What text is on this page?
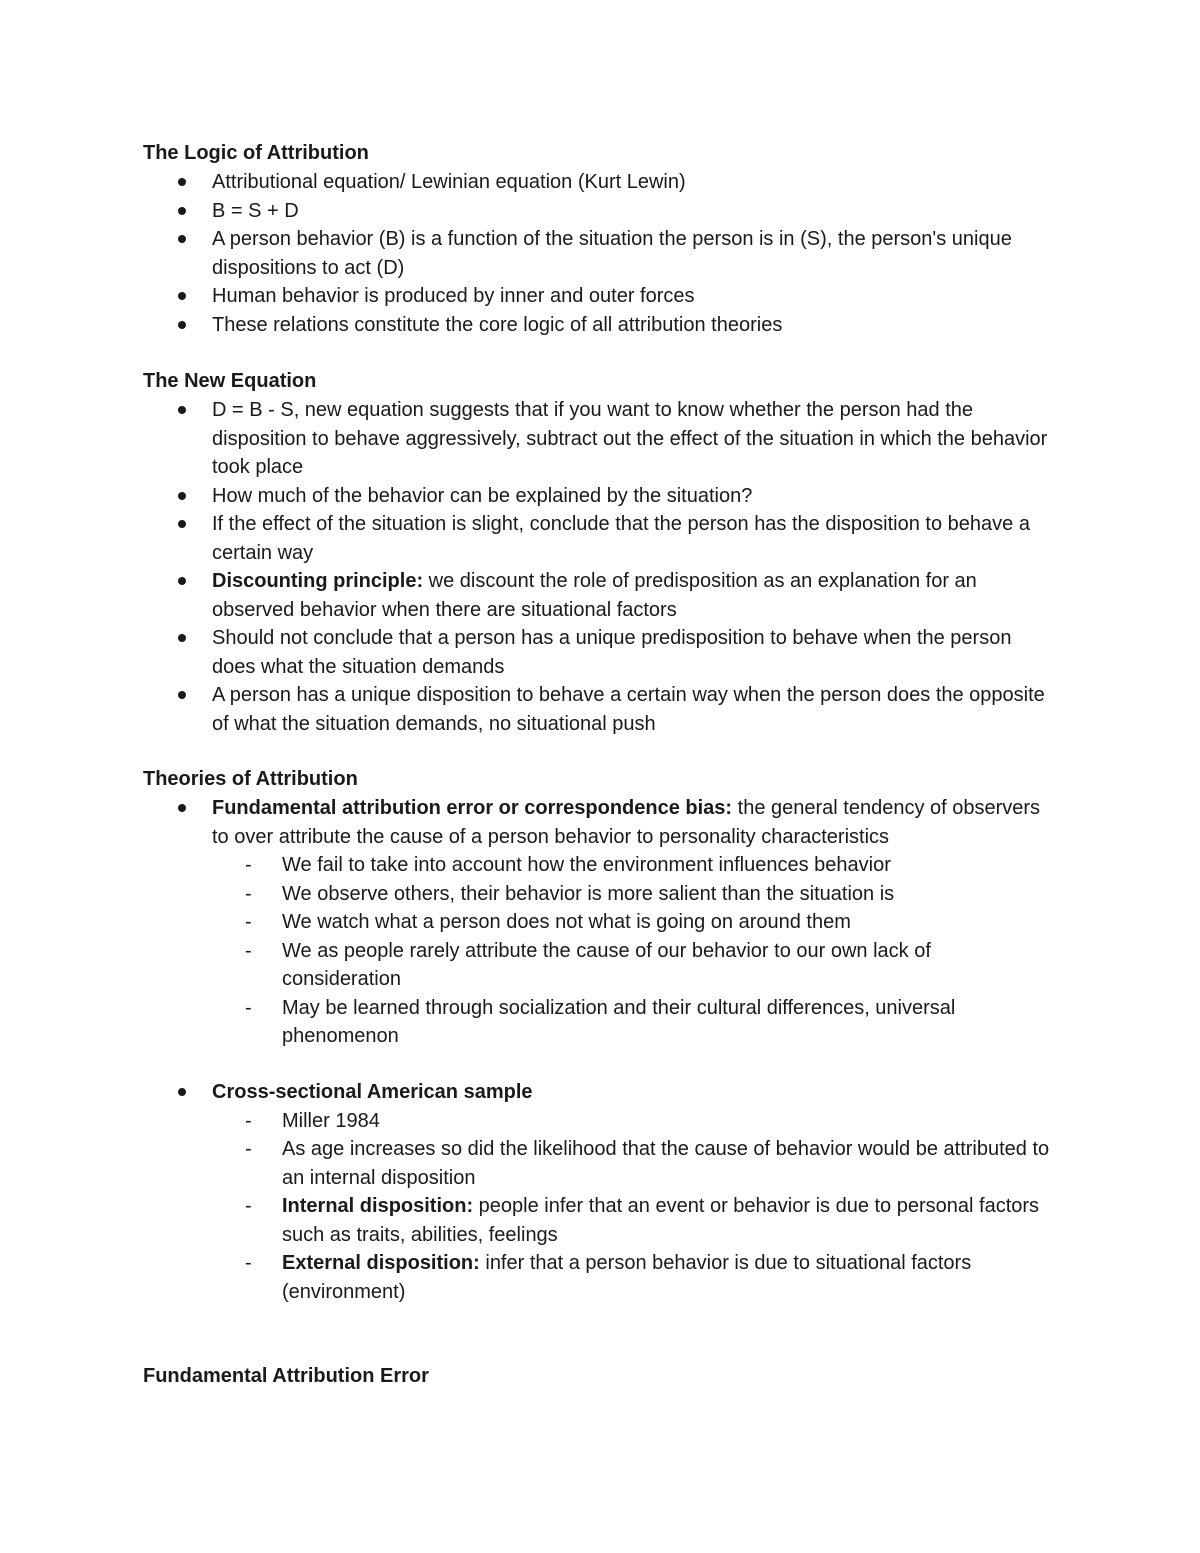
The Logic of Attribution
Attributional equation/ Lewinian equation (Kurt Lewin)
B = S + D
A person behavior (B) is a function of the situation the person is in (S), the person's unique dispositions to act (D)
Human behavior is produced by inner and outer forces
These relations constitute the core logic of all attribution theories
The New Equation
D = B - S, new equation suggests that if you want to know whether the person had the disposition to behave aggressively, subtract out the effect of the situation in which the behavior took place
How much of the behavior can be explained by the situation?
If the effect of the situation is slight, conclude that the person has the disposition to behave a certain way
Discounting principle: we discount the role of predisposition as an explanation for an observed behavior when there are situational factors
Should not conclude that a person has a unique predisposition to behave when the person does what the situation demands
A person has a unique disposition to behave a certain way when the person does the opposite of what the situation demands, no situational push
Theories of Attribution
Fundamental attribution error or correspondence bias: the general tendency of observers to over attribute the cause of a person behavior to personality characteristics
- We fail to take into account how the environment influences behavior
- We observe others, their behavior is more salient than the situation is
- We watch what a person does not what is going on around them
- We as people rarely attribute the cause of our behavior to our own lack of consideration
- May be learned through socialization and their cultural differences, universal phenomenon
Cross-sectional American sample
- Miller 1984
- As age increases so did the likelihood that the cause of behavior would be attributed to an internal disposition
- Internal disposition: people infer that an event or behavior is due to personal factors such as traits, abilities, feelings
- External disposition: infer that a person behavior is due to situational factors (environment)
Fundamental Attribution Error
